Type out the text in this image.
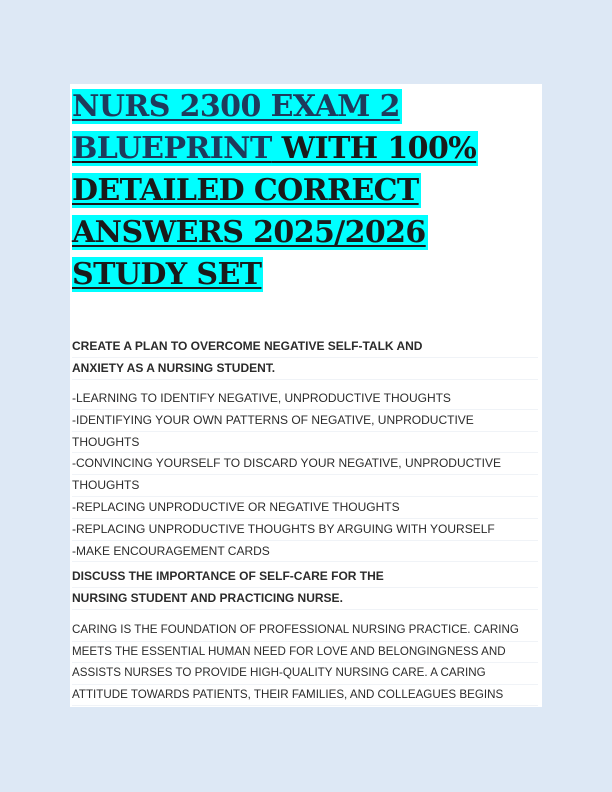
NURS 2300 EXAM 2
BLUEPRINT WITH 100%
DETAILED CORRECT
ANSWERS 2025/2026
STUDY SET
CREATE A PLAN TO OVERCOME NEGATIVE SELF-TALK AND
ANXIETY AS A NURSING STUDENT.
-LEARNING TO IDENTIFY NEGATIVE, UNPRODUCTIVE THOUGHTS
-IDENTIFYING YOUR OWN PATTERNS OF NEGATIVE, UNPRODUCTIVE
THOUGHTS
-CONVINCING YOURSELF TO DISCARD YOUR NEGATIVE, UNPRODUCTIVE
THOUGHTS
-REPLACING UNPRODUCTIVE OR NEGATIVE THOUGHTS
-REPLACING UNPRODUCTIVE THOUGHTS BY ARGUING WITH YOURSELF
-MAKE ENCOURAGEMENT CARDS
DISCUSS THE IMPORTANCE OF SELF-CARE FOR THE
NURSING STUDENT AND PRACTICING NURSE.
CARING IS THE FOUNDATION OF PROFESSIONAL NURSING PRACTICE. CARING
MEETS THE ESSENTIAL HUMAN NEED FOR LOVE AND BELONGINGNESS AND
ASSISTS NURSES TO PROVIDE HIGH-QUALITY NURSING CARE. A CARING
ATTITUDE TOWARDS PATIENTS, THEIR FAMILIES, AND COLLEAGUES BEGINS
